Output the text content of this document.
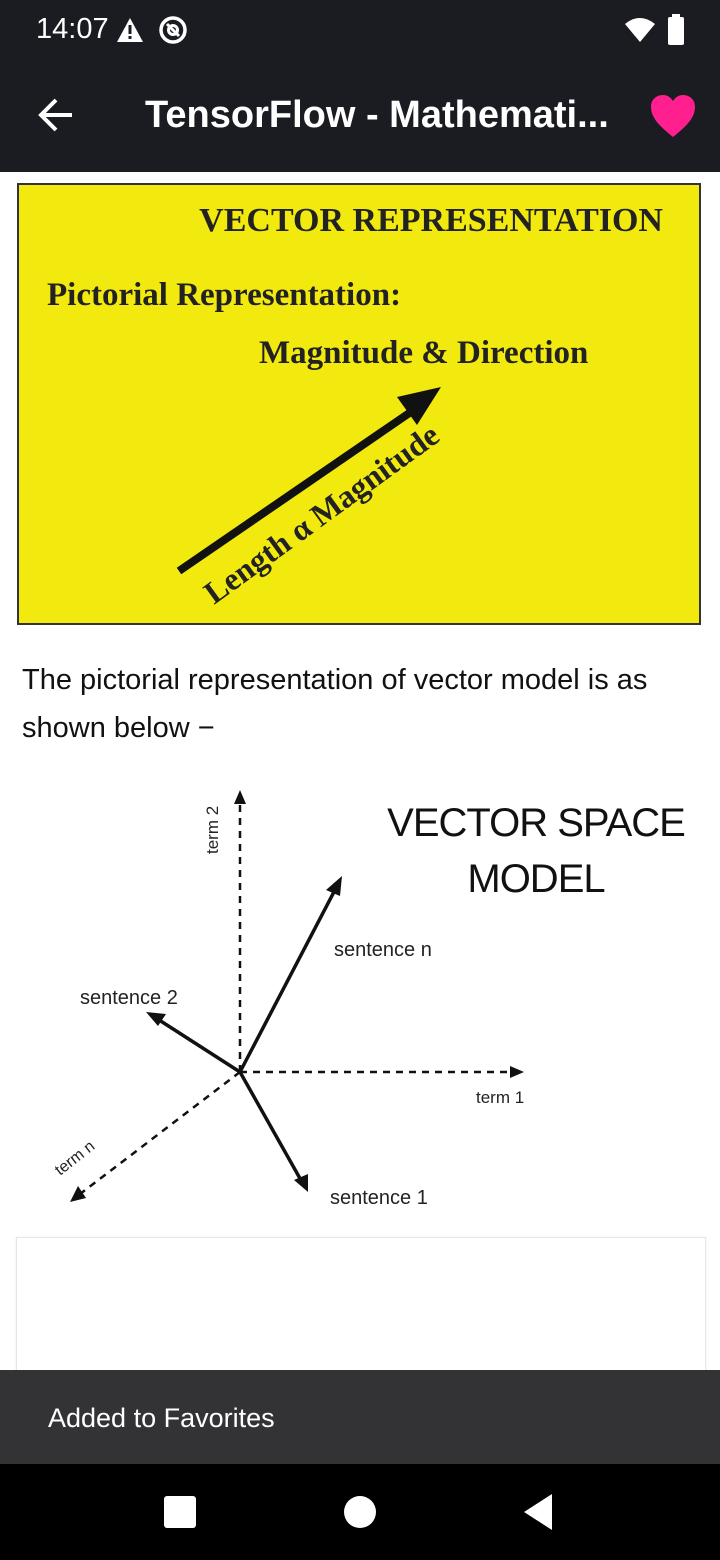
14:07
TensorFlow - Mathemati...
VECTOR REPRESENTATION
Pictorial Representation:
Magnitude & Direction
Length α Magnitude
The pictorial representation of vector model is as shown below −
VECTOR SPACE
MODEL
term 2
term 1
term n
sentence n
sentence 2
sentence 1
Added to Favorites
